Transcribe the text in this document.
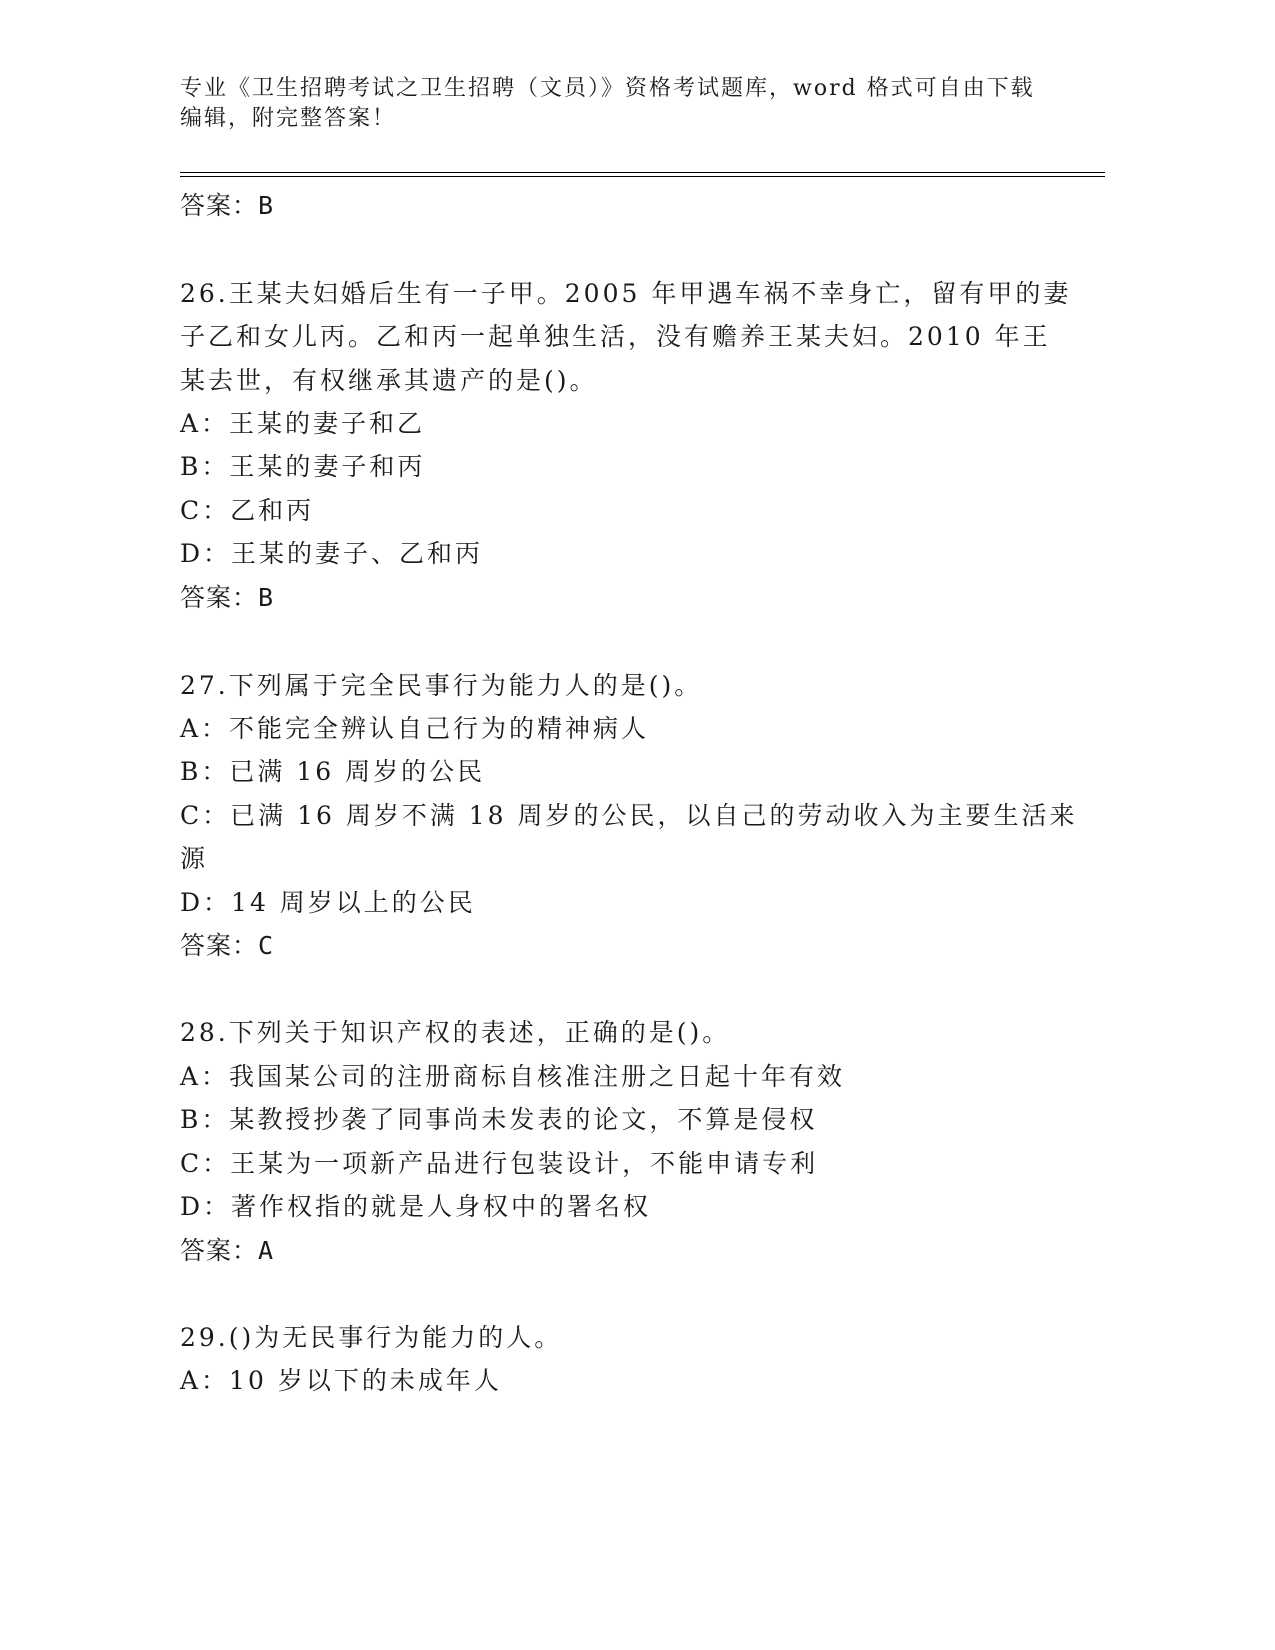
专业《卫生招聘考试之卫生招聘（文员）》资格考试题库，word 格式可自由下载
编辑，附完整答案！
答案：B
26.王某夫妇婚后生有一子甲。2005 年甲遇车祸不幸身亡，留有甲的妻
子乙和女儿丙。乙和丙一起单独生活，没有赡养王某夫妇。2010 年王
某去世，有权继承其遗产的是()。
A：王某的妻子和乙
B：王某的妻子和丙
C：乙和丙
D：王某的妻子、乙和丙
答案：B
27.下列属于完全民事行为能力人的是()。
A：不能完全辨认自己行为的精神病人
B：已满 16 周岁的公民
C：已满 16 周岁不满 18 周岁的公民，以自己的劳动收入为主要生活来
源
D：14 周岁以上的公民
答案：C
28.下列关于知识产权的表述，正确的是()。
A：我国某公司的注册商标自核准注册之日起十年有效
B：某教授抄袭了同事尚未发表的论文，不算是侵权
C：王某为一项新产品进行包装设计，不能申请专利
D：著作权指的就是人身权中的署名权
答案：A
29.()为无民事行为能力的人。
A：10 岁以下的未成年人
